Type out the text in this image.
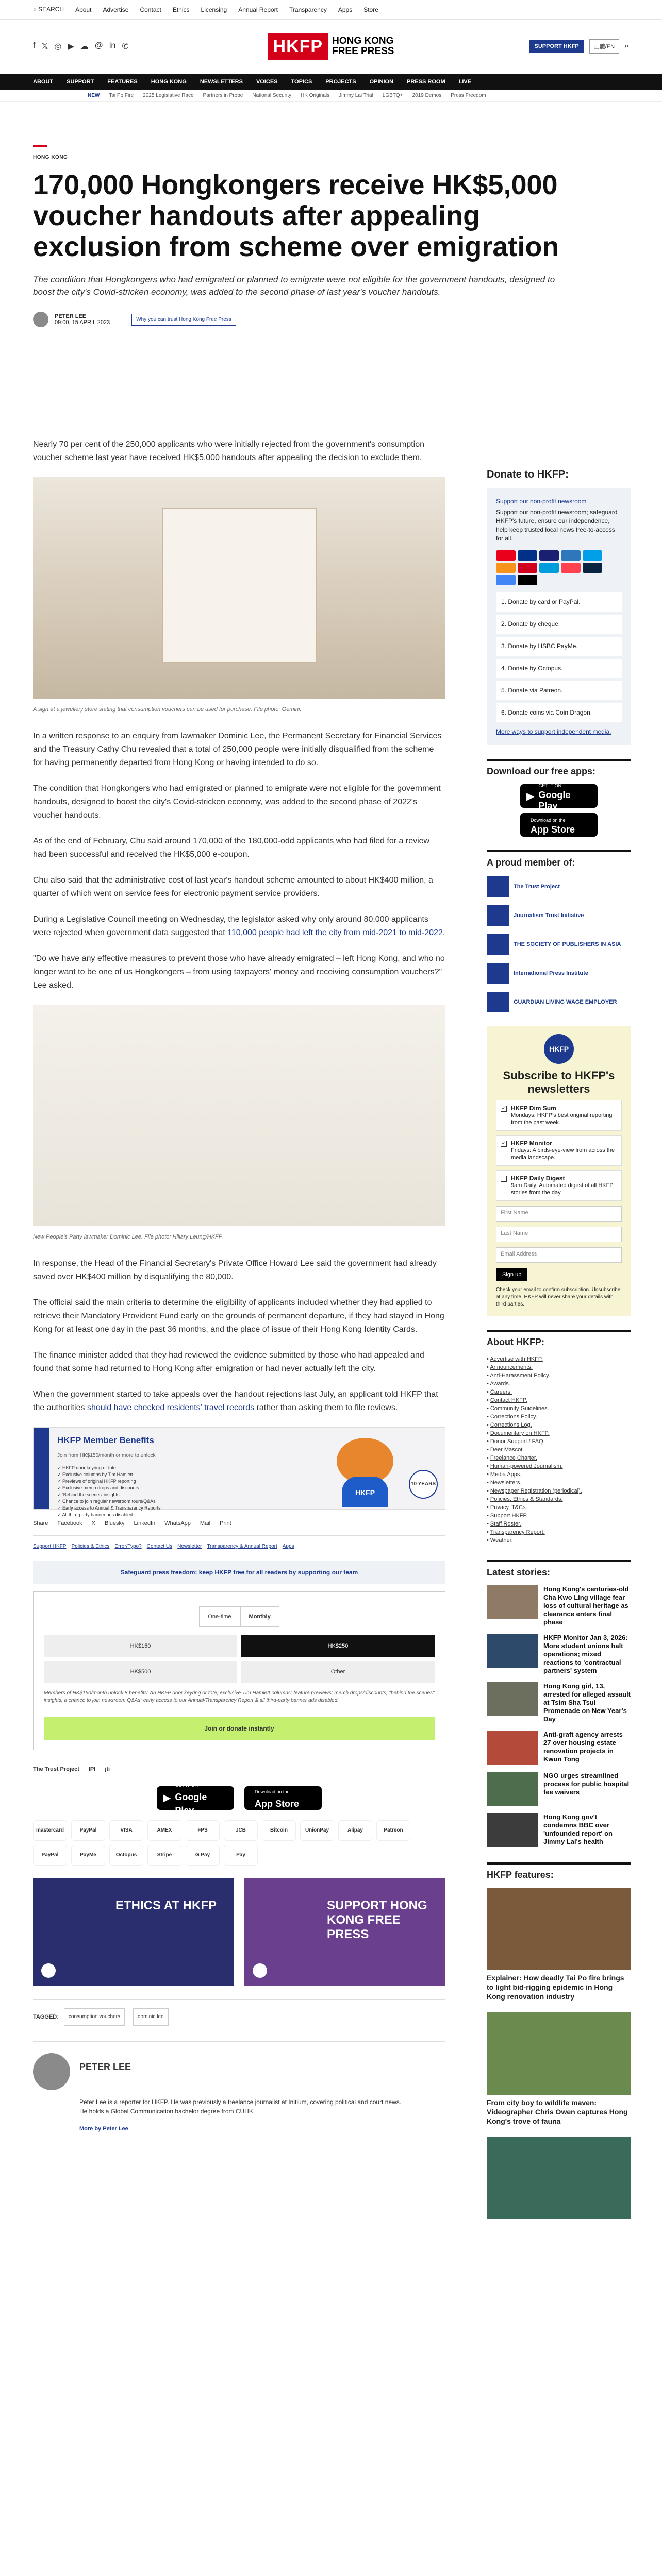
⌕ SEARCH About Advertise Contact Ethics Licensing Annual Report Transparency Apps Store
f 𝕏 ◎ ▶ ☁ @ in ✆	HKFP HONG KONG
FREE PRESS	SUPPORT HKFP	正體/EN	⌕
ABOUT SUPPORT FEATURES HONG KONG NEWSLETTERS VOICES TOPICS PROJECTS OPINION PRESS ROOM LIVE
NEW Tai Po Fire 2025 Legislative Race Partners in Probe National Security HK Originals Jimmy Lai Trial LGBTQ+ 2019 Demos Press Freedom
HONG KONG
170,000 Hongkongers receive HK$5,000 voucher handouts after appealing exclusion from scheme over emigration

The condition that Hongkongers who had emigrated or planned to emigrate were not eligible for the government handouts, designed to boost the city's Covid-stricken economy, was added to the second phase of last year's voucher handouts.

PETER LEE
09:00, 15 APRIL 2023	Why you can trust Hong Kong Free Press

Nearly 70 per cent of the 250,000 applicants who were initially rejected from the government's consumption voucher scheme last year have received HK$5,000 handouts after appealing the decision to exclude them.

A sign at a jewellery store stating that consumption vouchers can be used for purchase. File photo: Gemini.

In a written response to an enquiry from lawmaker Dominic Lee, the Permanent Secretary for Financial Services and the Treasury Cathy Chu revealed that a total of 250,000 people were initially disqualified from the scheme for having permanently departed from Hong Kong or having intended to do so.

The condition that Hongkongers who had emigrated or planned to emigrate were not eligible for the government handouts, designed to boost the city's Covid-stricken economy, was added to the second phase of 2022's voucher handouts.

As of the end of February, Chu said around 170,000 of the 180,000-odd applicants who had filed for a review had been successful and received the HK$5,000 e-coupon.

Chu also said that the administrative cost of last year's handout scheme amounted to about HK$400 million, a quarter of which went on service fees for electronic payment service providers.

During a Legislative Council meeting on Wednesday, the legislator asked why only around 80,000 applicants were rejected when government data suggested that 110,000 people had left the city from mid-2021 to mid-2022.

"Do we have any effective measures to prevent those who have already emigrated – left Hong Kong, and who no longer want to be one of us Hongkongers – from using taxpayers' money and receiving consumption vouchers?" Lee asked.

New People's Party lawmaker Dominic Lee. File photo: Hillary Leung/HKFP.

In response, the Head of the Financial Secretary's Private Office Howard Lee said the government had already saved over HK$400 million by disqualifying the 80,000.

The official said the main criteria to determine the eligibility of applicants included whether they had applied to retrieve their Mandatory Provident Fund early on the grounds of permanent departure, if they had stayed in Hong Kong for at least one day in the past 36 months, and the place of issue of their Hong Kong Identity Cards.

The finance minister added that they had reviewed the evidence submitted by those who had appealed and found that some had returned to Hong Kong after emigration or had never actually left the city.

When the government started to take appeals over the handout rejections last July, an applicant told HKFP that the authorities should have checked residents' travel records rather than asking them to file reviews.

HKFP Member Benefits
Join from HK$150/month or more to unlock
✓ HKFP door keyring or tote
✓ Exclusive columns by Tim Hamlett
✓ Previews of original HKFP reporting
✓ Exclusive merch drops and discounts
✓ 'Behind the scenes' insights
✓ Chance to join regular newsroom tours/Q&As
✓ Early access to Annual & Transparency Reports
✓ All third-party banner ads disabled
HKFP
10 YEARS
Share Facebook X Bluesky LinkedIn WhatsApp Mail Print
Support HKFP Policies & Ethics Error/Typo? Contact Us Newsletter Transparency & Annual Report Apps
Safeguard press freedom; keep HKFP free for all readers by supporting our team
One-time	Monthly
HK$150	HK$250
HK$500	Other

Members of HK$150/month unlock 8 benefits: An HKFP door keyring or tote; exclusive Tim Hamlett columns; feature previews; merch drops/discounts; "behind the scenes" insights; a chance to join newsroom Q&As; early access to our Annual/Transparency Report & all third-party banner ads disabled.

Join or donate instantly
The Trust Project IPI jti
▶
GET IT ON
Google Play
Download on the
App Store
mastercard	PayPal	VISA	AMEX	FPS	JCB	Bitcoin	UnionPay	Alipay	Patreon
PayPal	PayMe	Octopus	Stripe	G Pay	Pay
ETHICS AT HKFP	SUPPORT HONG KONG FREE PRESS
TAGGED:	consumption vouchers	dominic lee
PETER LEE

Peter Lee is a reporter for HKFP. He was previously a freelance journalist at Initium, covering political and court news. He holds a Global Communication bachelor degree from CUHK.

More by Peter Lee
Donate to HKFP:

Support our non-profit newsroom

Support our non-profit newsroom; safeguard HKFP's future, ensure our independence, help keep trusted local news free-to-access for all.

1. Donate by card or PayPal.
2. Donate by cheque.
3. Donate by HSBC PayMe.
4. Donate by Octopus.
5. Donate via Patreon.
6. Donate coins via Coin Dragon.
More ways to support independent media.
Download our free apps:
▶
GET IT ON
Google Play
Download on the
App Store
A proud member of:
The Trust Project
Journalism Trust Initiative
THE SOCIETY OF PUBLISHERS IN ASIA
International Press Institute
GUARDIAN LIVING WAGE EMPLOYER
HKFP
Subscribe to HKFP's newsletters
✓ HKFP Dim Sum
Mondays: HKFP's best original reporting from the past week.
✓ HKFP Monitor
Fridays: A birds-eye-view from across the media landscape.
HKFP Daily Digest
9am Daily: Automated digest of all HKFP stories from the day.
First Name
Last Name
Email Address
Sign up

Check your email to confirm subscription. Unsubscribe at any time. HKFP will never share your details with third parties.

About HKFP:
• Advertise with HKFP.
• Announcements.
• Anti-Harassment Policy.
• Awards.
• Careers.
• Contact HKFP.
• Community Guidelines.
• Corrections Policy.
• Corrections Log.
• Documentary on HKFP.
• Donor Support / FAQ.
• Deer Mascot.
• Freelance Charter.
• Human-powered Journalism.
• Media Apps.
• Newsletters.
• Newspaper Registration (periodical).
• Policies, Ethics & Standards.
• Privacy, T&Cs.
• Support HKFP.
• Staff Roster.
• Transparency Report.
• Weather.
Latest stories:
Hong Kong's centuries-old Cha Kwo Ling village fear loss of cultural heritage as clearance enters final phase
HKFP Monitor Jan 3, 2026: More student unions halt operations; mixed reactions to 'contractual partners' system
Hong Kong girl, 13, arrested for alleged assault at Tsim Sha Tsui Promenade on New Year's Day
Anti-graft agency arrests 27 over housing estate renovation projects in Kwun Tong
NGO urges streamlined process for public hospital fee waivers
Hong Kong gov't condemns BBC over 'unfounded report' on Jimmy Lai's health
HKFP features:
Explainer: How deadly Tai Po fire brings to light bid-rigging epidemic in Hong Kong renovation industry
From city boy to wildlife maven: Videographer Chris Owen captures Hong Kong's trove of fauna
